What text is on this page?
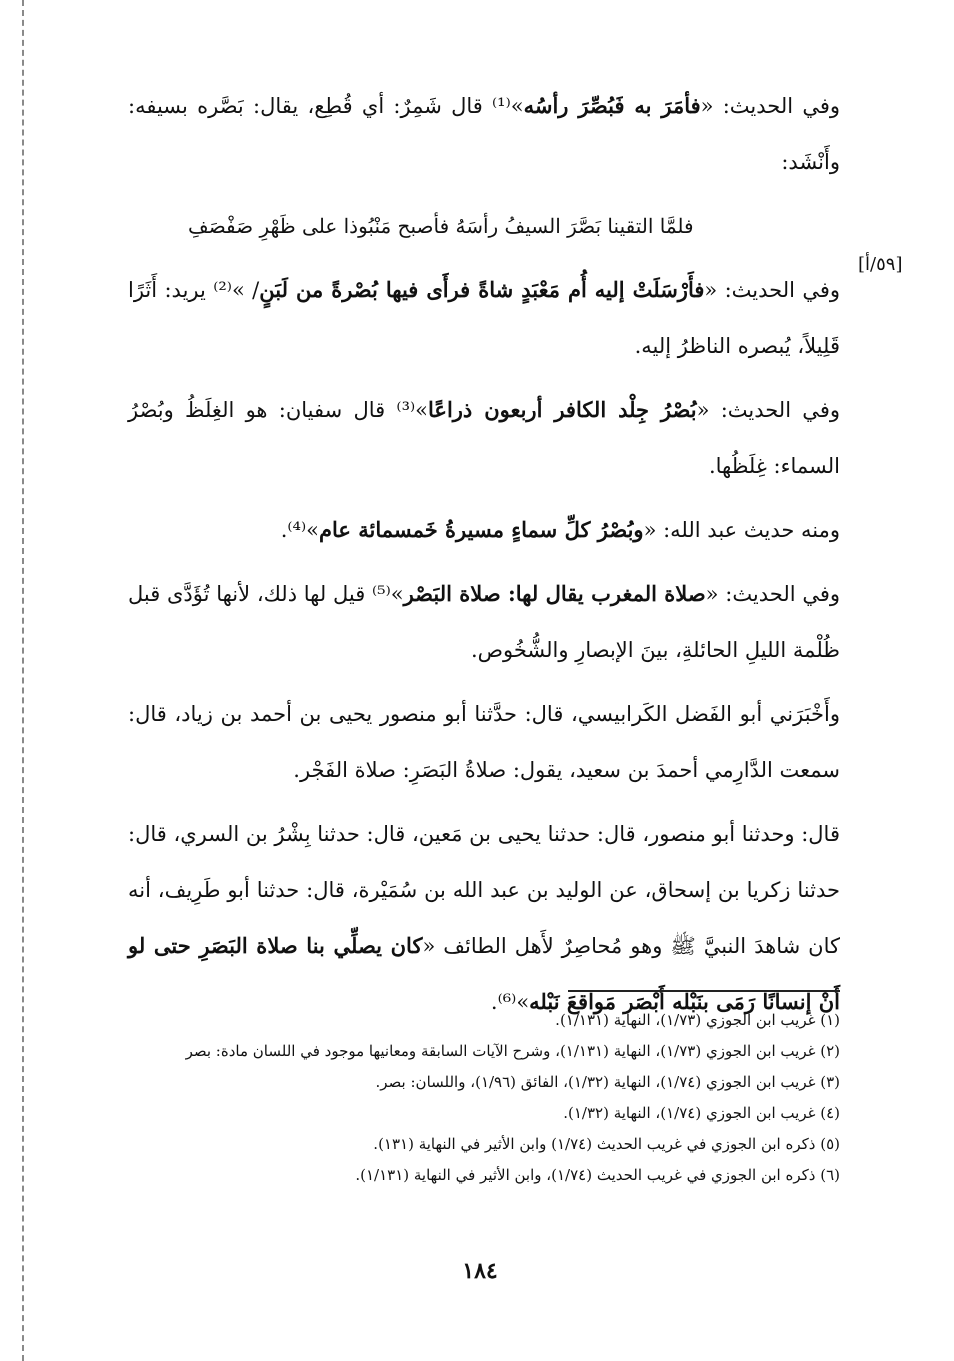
[٥٩/أ]

وفي الحديث: «فأمَرَ به فَبُصِّرَ رأسُه»⁽¹⁾ قال شَمِرٌ: أي قُطِع، يقال: بَصَّره بسيفه: وأَنْشَد:

فلمَّا التقينا بَصَّرَ السيفُ رأسَهُ فأصبح مَنْبُوذا على ظَهْرِ صَفْصَفِ

وفي الحديث: «فأَرْسَلَتْ إليه أُم مَعْبَدٍ شاةً فرأَى فيها بُصْرةً من لَبَنٍ/ »⁽²⁾ يريد: أَثَرًا قَلِيلاً، يُبصره الناظرُ إليه.

وفي الحديث: «بُصْرُ جِلْد الكافر أربعون ذراعًا»⁽³⁾ قال سفيان: هو الغِلَظُ وبُصْرُ السماء: غِلَظُها.

ومنه حديث عبد الله: «وبُصْرُ كلِّ سماءٍ مسيرةُ خَمسمائة عام»⁽⁴⁾.

وفي الحديث: «صلاة المغرب يقال لها: صلاة البَصْر»⁽⁵⁾ قيل لها ذلك، لأنها تُؤَدَّى قبل ظُلْمة الليلِ الحائلةِ، بينَ الإبصارِ والشُّخُوص.

وأَخْبَرَني أبو الفَضل الكَرابيسي، قال: حدَّثنا أبو منصور يحيى بن أحمد بن زياد، قال: سمعت الدَّارِمي أحمدَ بن سعيد، يقول: صلاةُ البَصَرِ: صلاة الفَجْر.

قال: وحدثنا أبو منصور، قال: حدثنا يحيى بن مَعين، قال: حدثنا بِشْرُ بن السري، قال: حدثنا زكريا بن إسحاق، عن الوليد بن عبد الله بن سُمَيْرة، قال: حدثنا أبو طَرِيف، أنه كان شاهدَ النبيَّ ﷺ وهو مُحاصِرٌ لأَهل الطائف «كان يصلِّي بنا صلاة البَصَرِ حتى لو أَنْ إنسانًا رَمَى بنَبْله أَبْصَر مَواقعَ نَبْله»⁽⁶⁾.

(١) غريب ابن الجوزي (١/٧٣)، النهاية (١/١٣١).

(٢) غريب ابن الجوزي (١/٧٣)، النهاية (١/١٣١)، وشرح الآيات السابقة ومعانيها موجود في اللسان مادة: بصر

(٣) غريب ابن الجوزي (١/٧٤)، النهاية (١/٣٢)، الفائق (١/٩٦)، واللسان: بصر.

(٤) غريب ابن الجوزي (١/٧٤)، النهاية (١/٣٢).

(٥) ذكره ابن الجوزي في غريب الحديث (١/٧٤) وابن الأثير في النهاية (١٣١).

(٦) ذكره ابن الجوزي في غريب الحديث (١/٧٤)، وابن الأثير في النهاية (١/١٣١).

١٨٤
